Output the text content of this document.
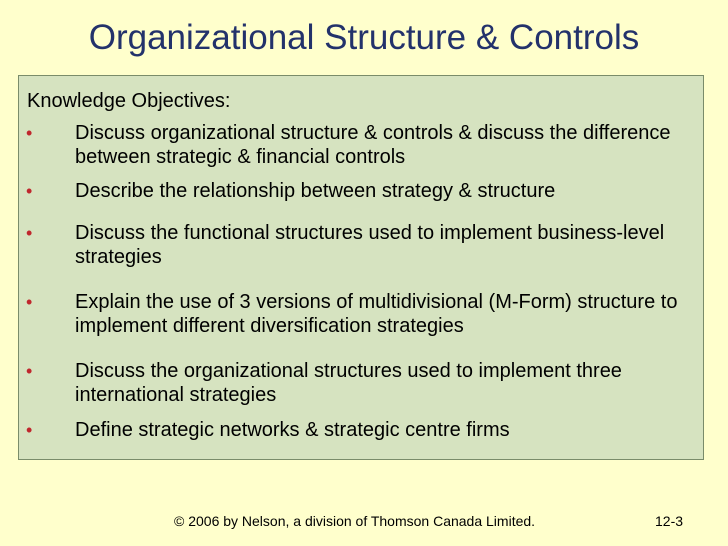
Organizational Structure & Controls
Knowledge Objectives:
• Discuss organizational structure & controls & discuss the difference between strategic & financial controls
• Describe the relationship between strategy & structure
• Discuss the functional structures used to implement business-level strategies
• Explain the use of 3 versions of multidivisional (M-Form) structure to implement different diversification strategies
• Discuss the organizational structures used to implement three international strategies
• Define strategic networks & strategic centre firms
© 2006 by Nelson, a division of Thomson Canada Limited.	12-3
